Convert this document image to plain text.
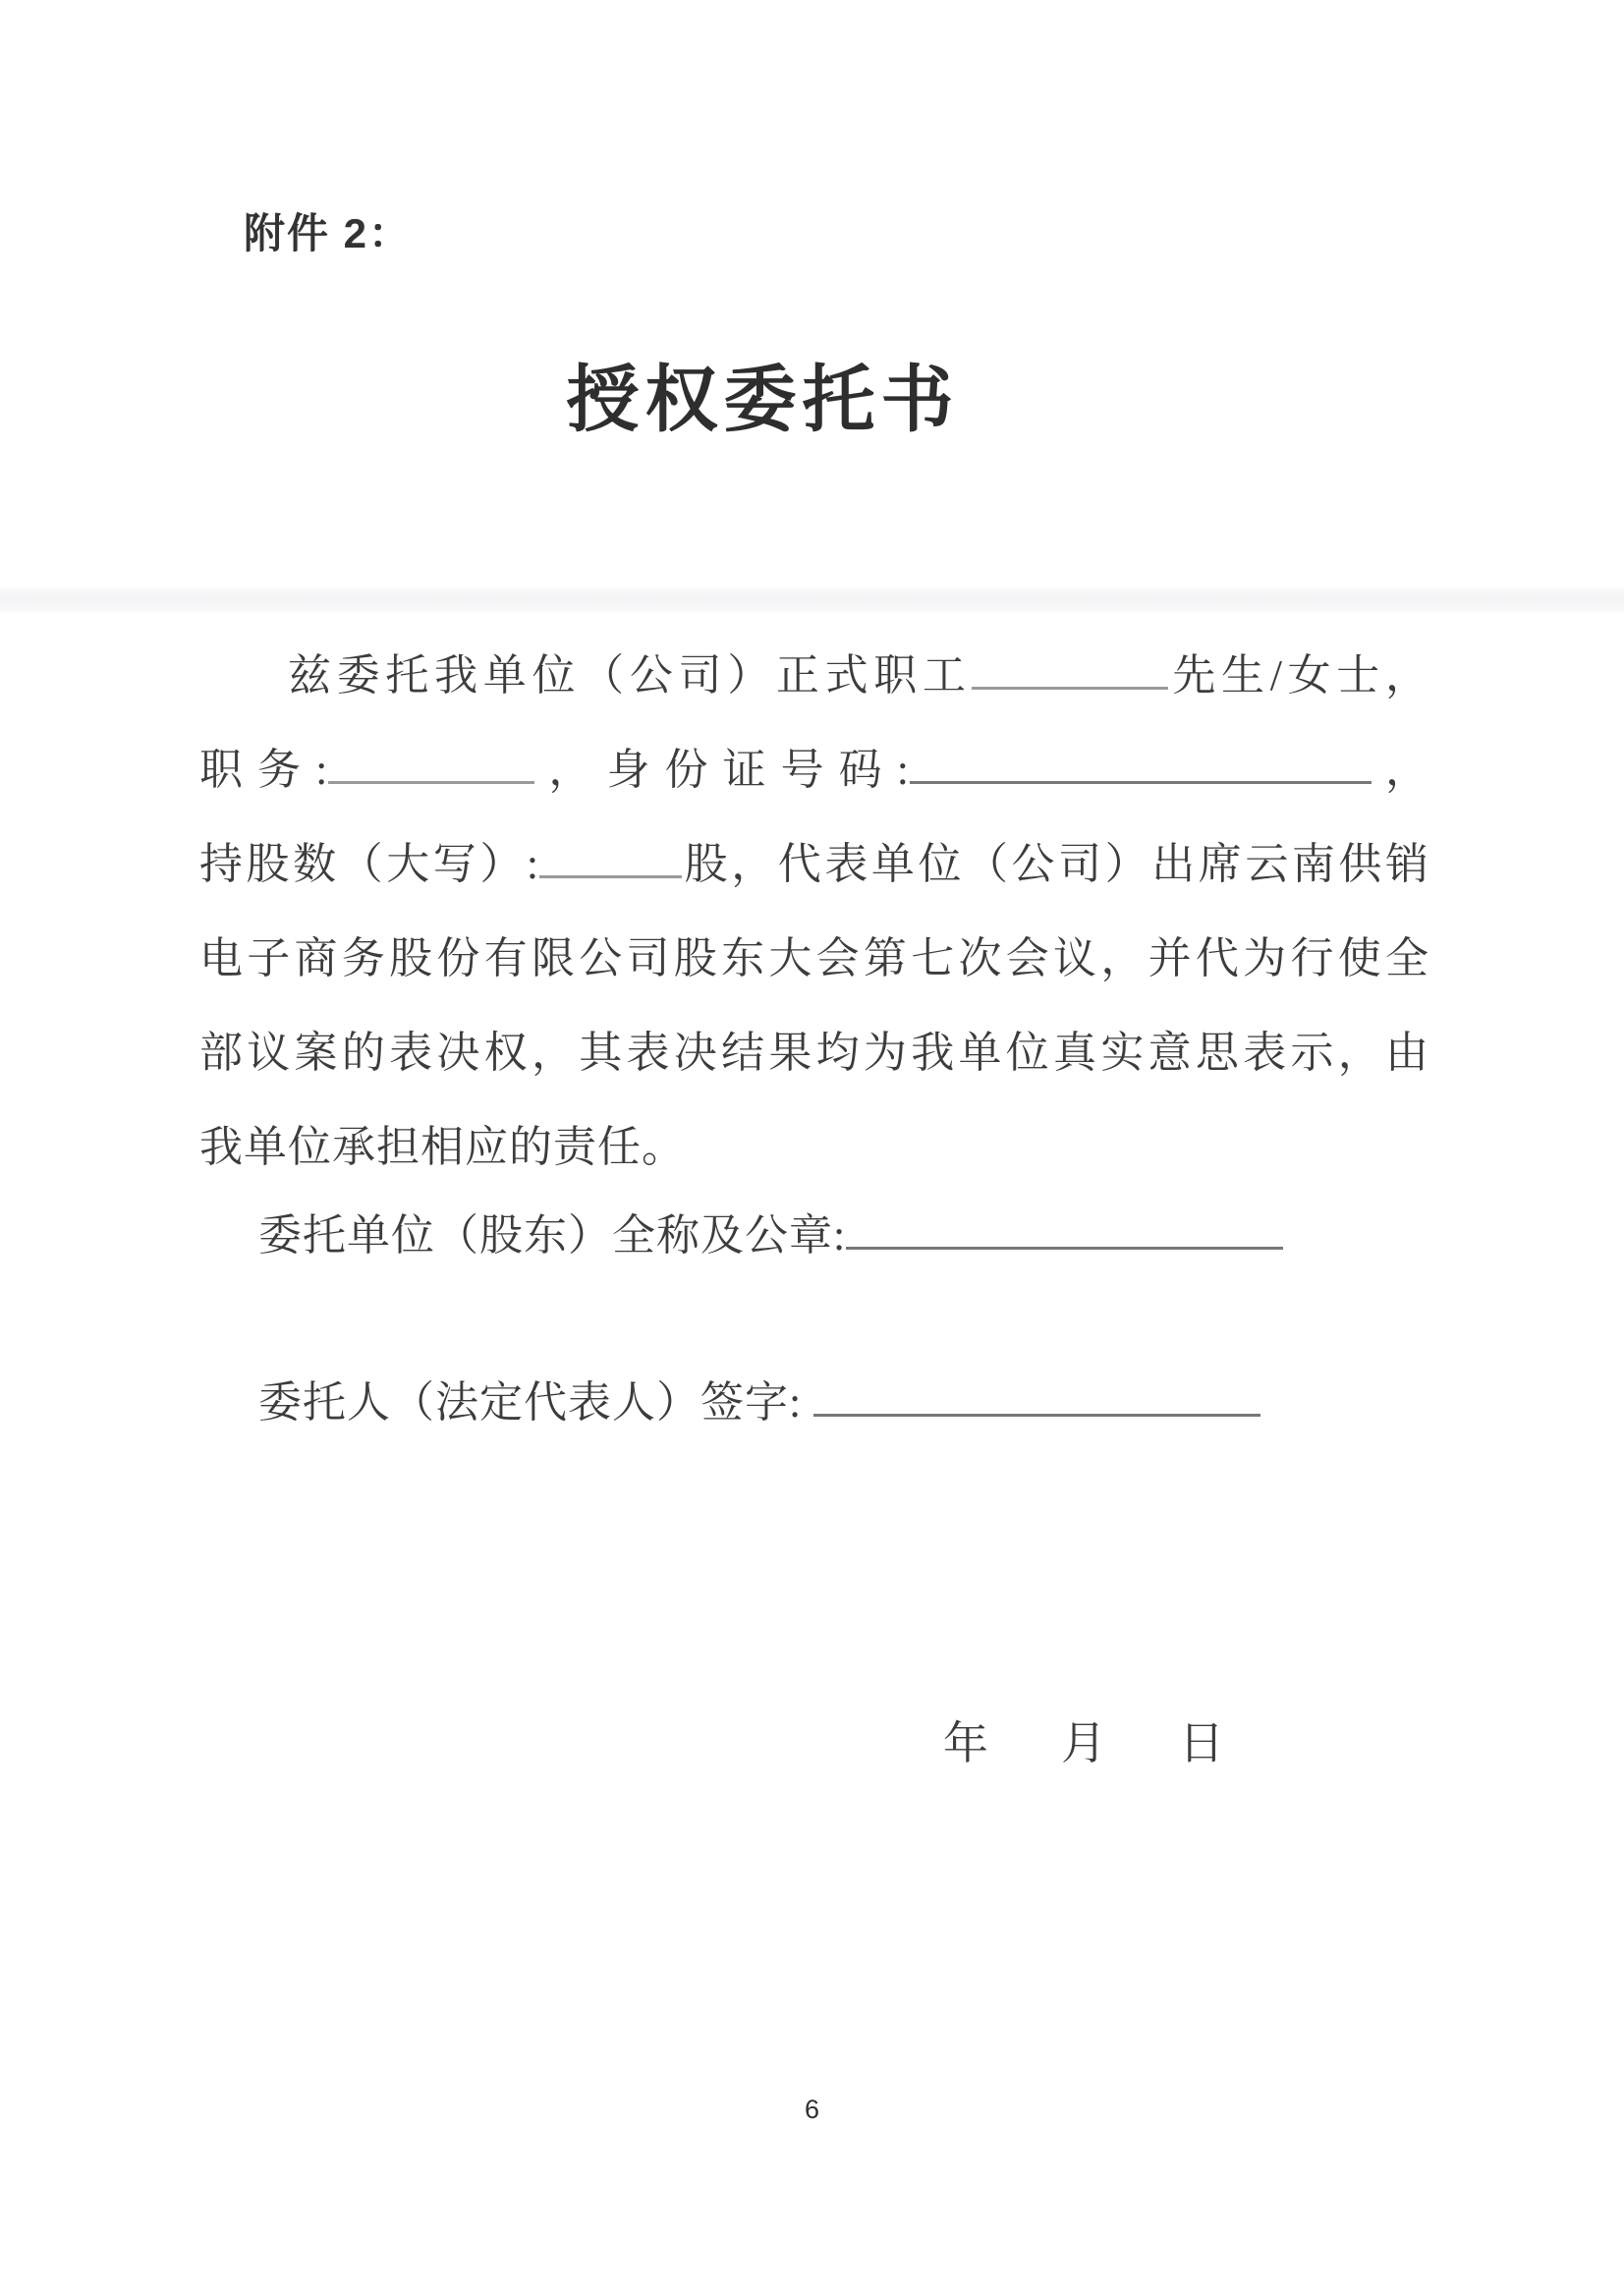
附件 2：
授权委托书
兹委托我单位（公司）正式职工	先生/女士，
职务:	，身份证号码:	，
持股数（大写）:	股，代表单位（公司）出席云南供销
电子商务股份有限公司股东大会第七次会议，并代为行使全
部议案的表决权，其表决结果均为我单位真实意思表示，由
我单位承担相应的责任。
委托单位（股东）全称及公章:
委托人（法定代表人）签字:
年 月 日
6
